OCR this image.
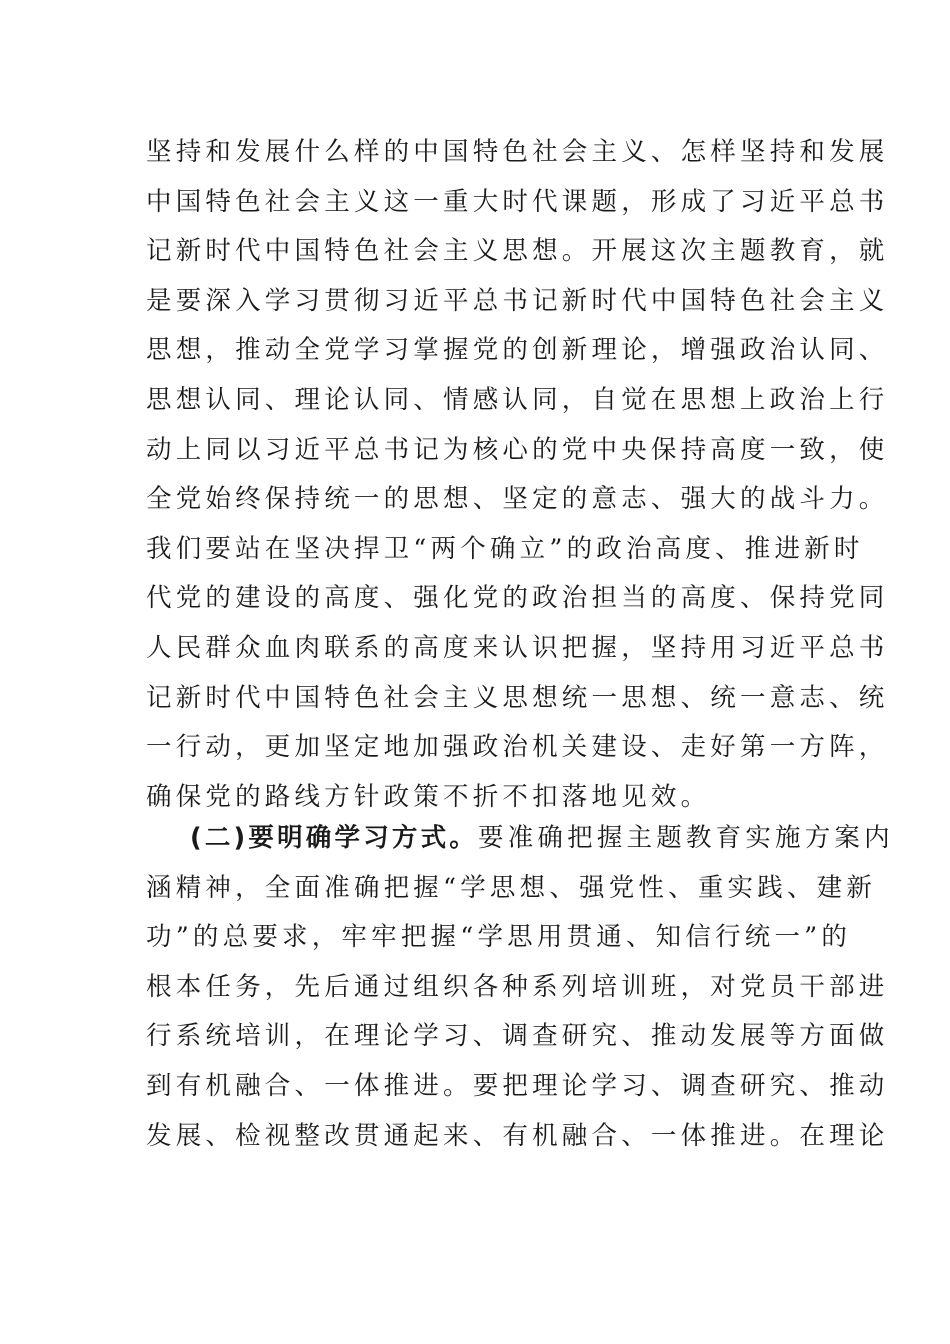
坚持和发展什么样的中国特色社会主义、怎样坚持和发展
中国特色社会主义这一重大时代课题，形成了习近平总书
记新时代中国特色社会主义思想。开展这次主题教育，就
是要深入学习贯彻习近平总书记新时代中国特色社会主义
思想，推动全党学习掌握党的创新理论，增强政治认同、
思想认同、理论认同、情感认同，自觉在思想上政治上行
动上同以习近平总书记为核心的党中央保持高度一致，使
全党始终保持统一的思想、坚定的意志、强大的战斗力。
我们要站在坚决捍卫“两个确立”的政治高度、推进新时
代党的建设的高度、强化党的政治担当的高度、保持党同
人民群众血肉联系的高度来认识把握，坚持用习近平总书
记新时代中国特色社会主义思想统一思想、统一意志、统
一行动，更加坚定地加强政治机关建设、走好第一方阵，
确保党的路线方针政策不折不扣落地见效。
(二)要明确学习方式。要准确把握主题教育实施方案内
涵精神，全面准确把握“学思想、强党性、重实践、建新
功”的总要求，牢牢把握“学思用贯通、知信行统一”的
根本任务，先后通过组织各种系列培训班，对党员干部进
行系统培训，在理论学习、调查研究、推动发展等方面做
到有机融合、一体推进。要把理论学习、调查研究、推动
发展、检视整改贯通起来、有机融合、一体推进。在理论
